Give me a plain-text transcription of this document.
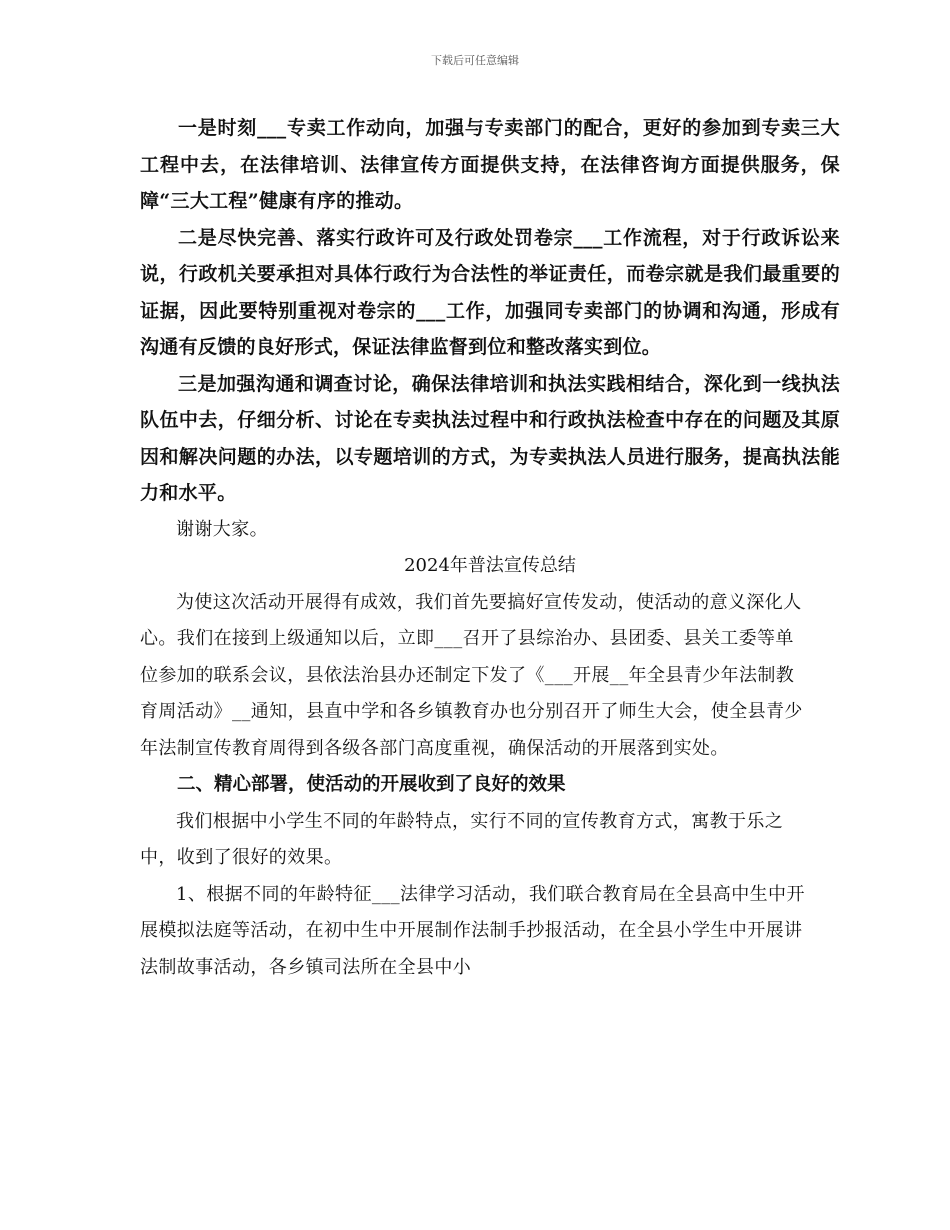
下载后可任意编辑

一是时刻___专卖工作动向，加强与专卖部门的配合，更好的参加到专卖三大工程中去，在法律培训、法律宣传方面提供支持，在法律咨询方面提供服务，保障“三大工程”健康有序的推动。

二是尽快完善、落实行政许可及行政处罚卷宗___工作流程，对于行政诉讼来说，行政机关要承担对具体行政行为合法性的举证责任，而卷宗就是我们最重要的证据，因此要特别重视对卷宗的___工作，加强同专卖部门的协调和沟通，形成有沟通有反馈的良好形式，保证法律监督到位和整改落实到位。

三是加强沟通和调查讨论，确保法律培训和执法实践相结合，深化到一线执法队伍中去，仔细分析、讨论在专卖执法过程中和行政执法检查中存在的问题及其原因和解决问题的办法，以专题培训的方式，为专卖执法人员进行服务，提高执法能力和水平。

谢谢大家。

2024年普法宣传总结

为使这次活动开展得有成效，我们首先要搞好宣传发动，使活动的意义深化人心。我们在接到上级通知以后，立即___召开了县综治办、县团委、县关工委等单位参加的联系会议，县依法治县办还制定下发了《___开展__年全县青少年法制教育周活动》__通知，县直中学和各乡镇教育办也分别召开了师生大会，使全县青少年法制宣传教育周得到各级各部门高度重视，确保活动的开展落到实处。

二、精心部署，使活动的开展收到了良好的效果

我们根据中小学生不同的年龄特点，实行不同的宣传教育方式，寓教于乐之中，收到了很好的效果。

1、根据不同的年龄特征___法律学习活动，我们联合教育局在全县高中生中开展模拟法庭等活动，在初中生中开展制作法制手抄报活动，在全县小学生中开展讲法制故事活动，各乡镇司法所在全县中小
